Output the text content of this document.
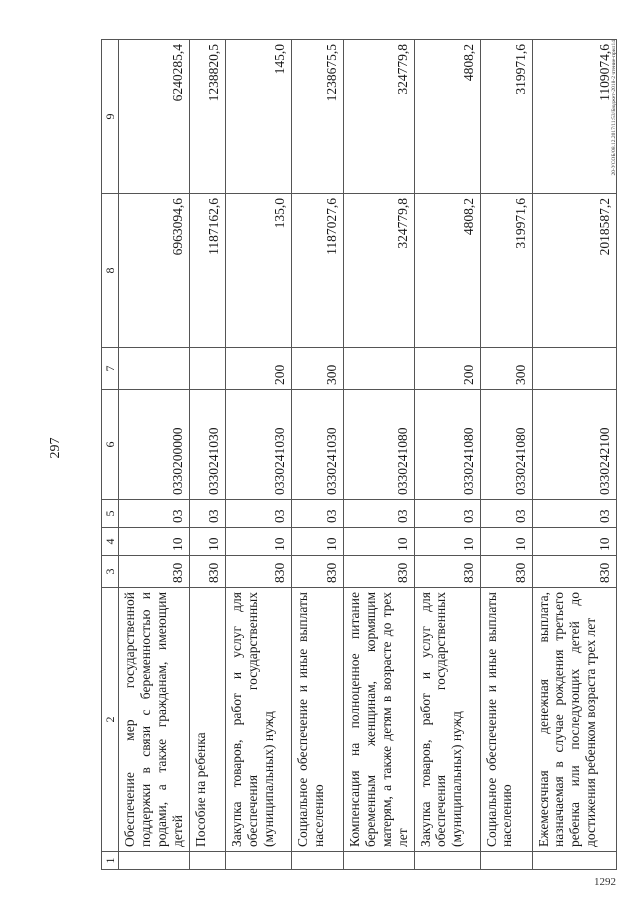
297
1	2	3	4	5	6	7	8	9
	Обеспечение мер государственной поддержки в связи с беременностью и родами, а также гражданам, имеющим детей	830	10	03	0330200000		6963094,6	6240285,4
	Пособие на ребенка	830	10	03	0330241030		1187162,6	1238820,5
	Закупка товаров, работ и услуг для обеспечения государственных (муниципальных) нужд	830	10	03	0330241030	200	135,0	145,0
	Социальное обеспечение и иные выплаты населению	830	10	03	0330241030	300	1187027,6	1238675,5
	Компенсация на полноценное питание беременным женщинам, кормящим матерям, а также детям в возрасте до трех лет	830	10	03	0330241080		324779,8	324779,8
	Закупка товаров, работ и услуг для обеспечения государственных (муниципальных) нужд	830	10	03	0330241080	200	4808,2	4808,2
	Социальное обеспечение и иные выплаты населению	830	10	03	0330241080	300	319971,6	319971,6
	Ежемесячная денежная выплата, назначаемая в случае рождения третьего ребенка или последующих детей до достижения ребенком возраста трех лет	830	10	03	0330242100		2018587,2	1109074,6 20-УСОБ/08.12.2017/11:53/Бюджет-2018-2 чтение-прил14
1292
